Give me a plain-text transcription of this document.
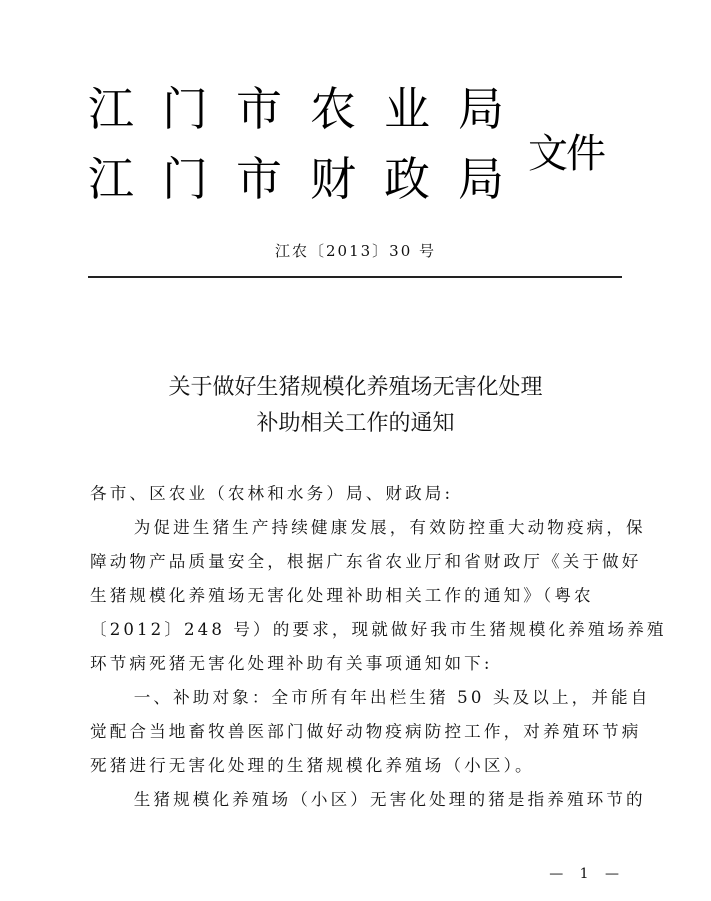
江门市农业局
江门市财政局
文件
江农〔2013〕30 号
关于做好生猪规模化养殖场无害化处理
补助相关工作的通知
各市、区农业（农林和水务）局、财政局:
　为促进生猪生产持续健康发展，有效防控重大动物疫病，保
障动物产品质量安全，根据广东省农业厅和省财政厅《关于做好
生猪规模化养殖场无害化处理补助相关工作的通知》（粤农
〔2012〕248 号）的要求，现就做好我市生猪规模化养殖场养殖
环节病死猪无害化处理补助有关事项通知如下:
　一、补助对象：全市所有年出栏生猪 50 头及以上，并能自
觉配合当地畜牧兽医部门做好动物疫病防控工作，对养殖环节病
死猪进行无害化处理的生猪规模化养殖场（小区）。
　生猪规模化养殖场（小区）无害化处理的猪是指养殖环节的
— 1 —
